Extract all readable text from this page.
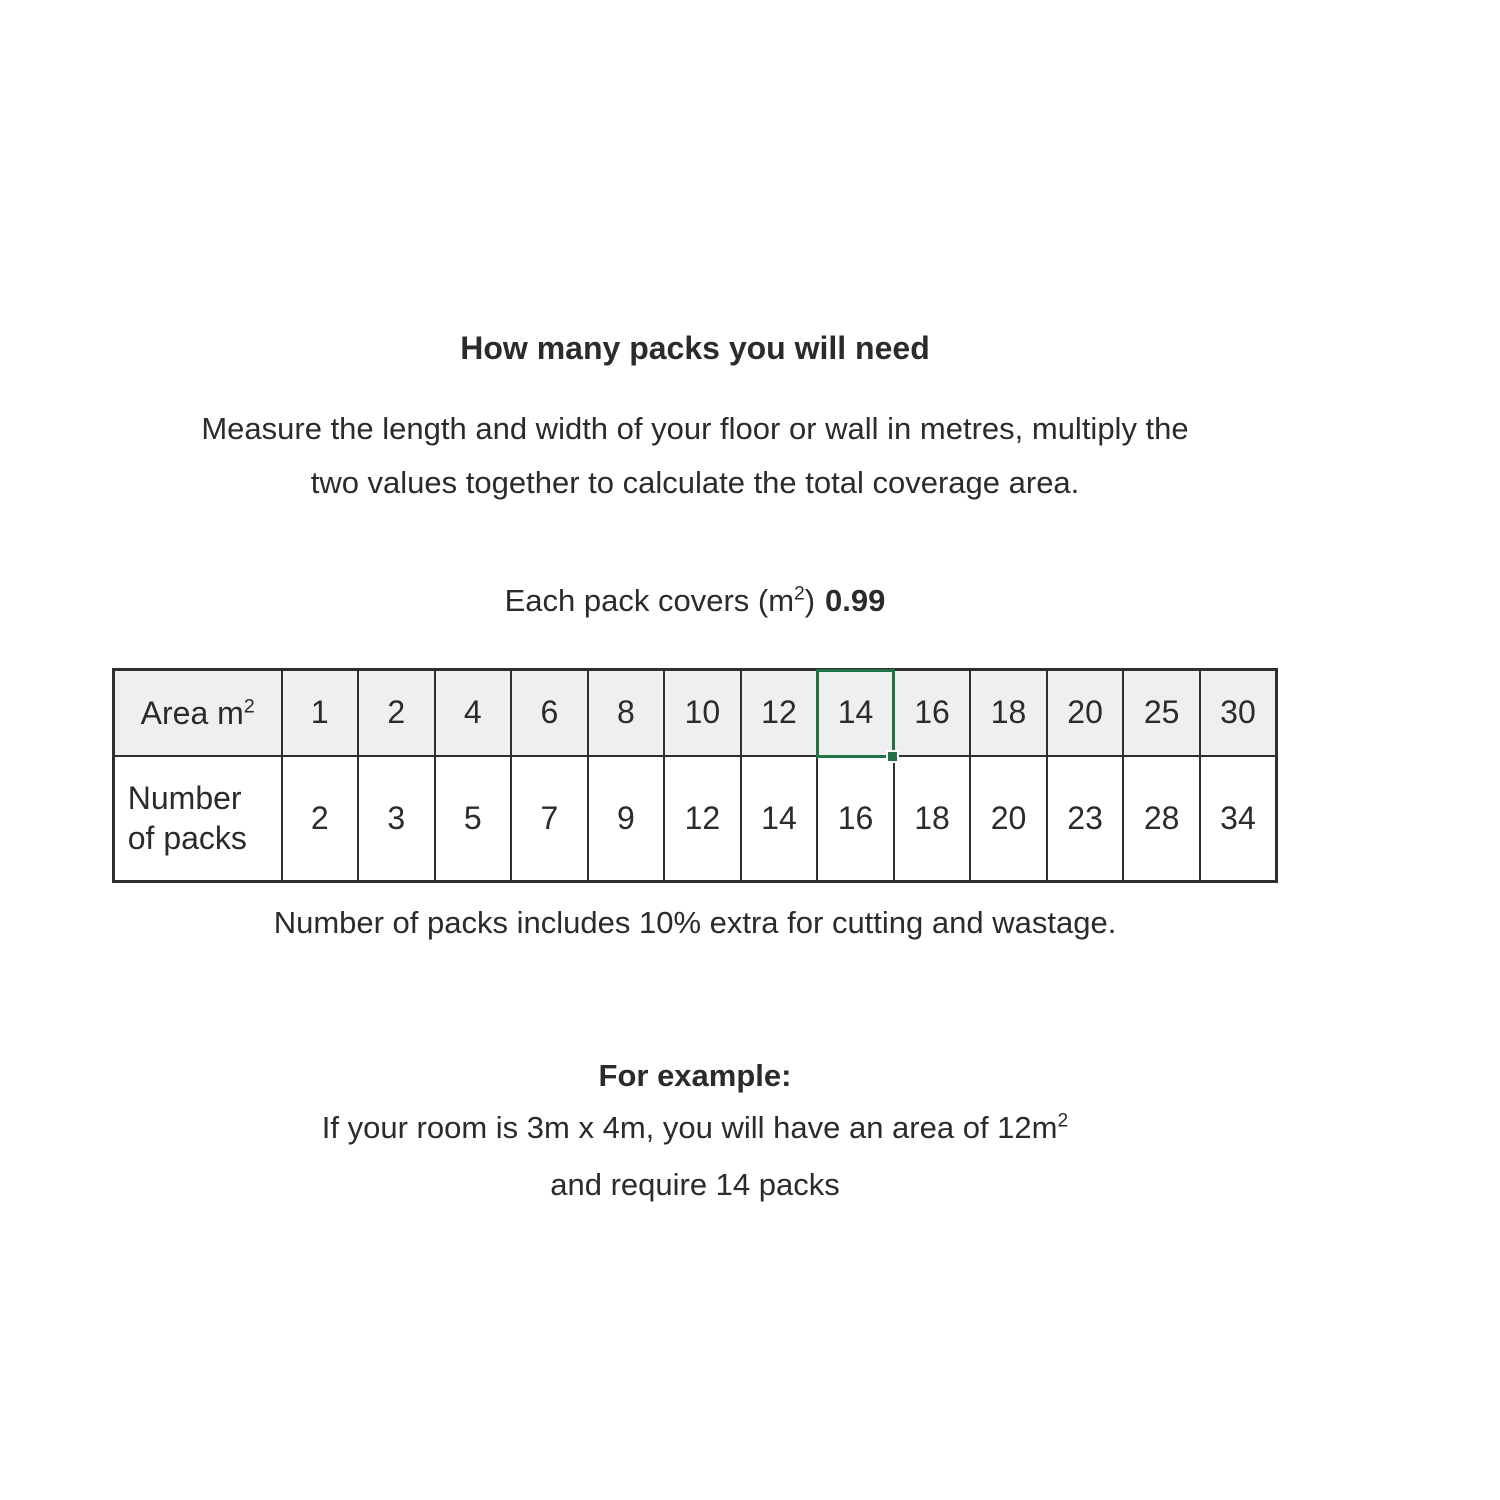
How many packs you will need
Measure the length and width of your floor or wall in metres, multiply the
two values together to calculate the total coverage area.
Each pack covers $(m^2)$ 0.99
Area $m^2$	1	2	4	6	8	10	12	14	16	18	20	25	30
Number of packs	2	3	5	7	9	12	14	16	18	20	23	28	34
Number of packs includes 10% extra for cutting and wastage.
For example:
If your room is 3m x 4m, you will have an area of $12m^2$
and require 14 packs
